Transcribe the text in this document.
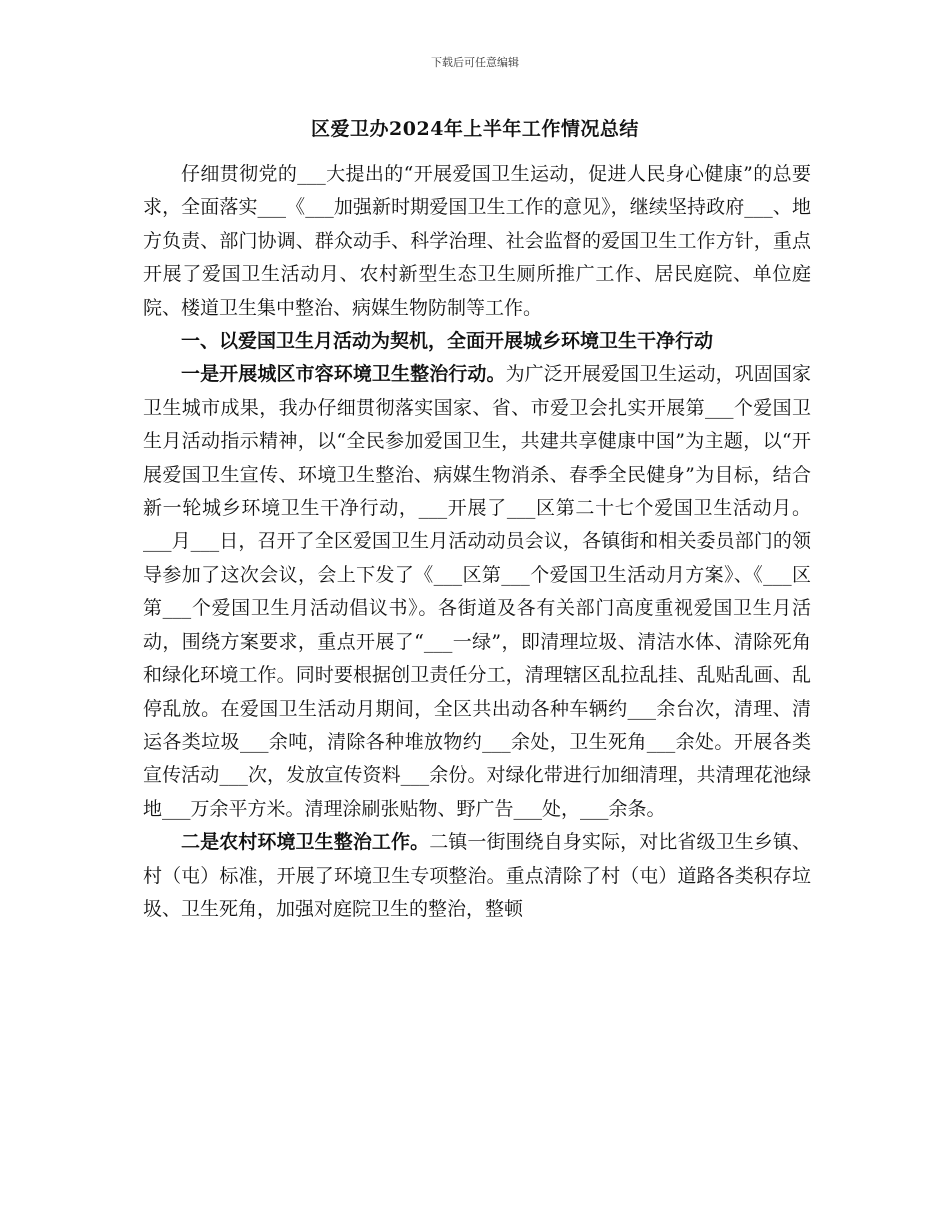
下载后可任意编辑
区爱卫办2024年上半年工作情况总结

仔细贯彻党的___大提出的“开展爱国卫生运动，促进人民身心健康”的总要求，全面落实___《___加强新时期爱国卫生工作的意见》，继续坚持政府___、地方负责、部门协调、群众动手、科学治理、社会监督的爱国卫生工作方针，重点开展了爱国卫生活动月、农村新型生态卫生厕所推广工作、居民庭院、单位庭院、楼道卫生集中整治、病媒生物防制等工作。

一、以爱国卫生月活动为契机，全面开展城乡环境卫生干净行动

一是开展城区市容环境卫生整治行动。为广泛开展爱国卫生运动，巩固国家卫生城市成果，我办仔细贯彻落实国家、省、市爱卫会扎实开展第___个爱国卫生月活动指示精神，以“全民参加爱国卫生，共建共享健康中国”为主题，以“开展爱国卫生宣传、环境卫生整治、病媒生物消杀、春季全民健身”为目标，结合新一轮城乡环境卫生干净行动，___开展了___区第二十七个爱国卫生活动月。___月___日，召开了全区爱国卫生月活动动员会议，各镇街和相关委员部门的领导参加了这次会议，会上下发了《___区第___个爱国卫生活动月方案》、《___区第___个爱国卫生月活动倡议书》。各街道及各有关部门高度重视爱国卫生月活动，围绕方案要求，重点开展了“___一绿”，即清理垃圾、清洁水体、清除死角和绿化环境工作。同时要根据创卫责任分工，清理辖区乱拉乱挂、乱贴乱画、乱停乱放。在爱国卫生活动月期间，全区共出动各种车辆约___余台次，清理、清运各类垃圾___余吨，清除各种堆放物约___余处，卫生死角___余处。开展各类宣传活动___次，发放宣传资料___余份。对绿化带进行加细清理，共清理花池绿地___万余平方米。清理涂刷张贴物、野广告___处，___余条。

二是农村环境卫生整治工作。二镇一街围绕自身实际，对比省级卫生乡镇、村（屯）标准，开展了环境卫生专项整治。重点清除了村（屯）道路各类积存垃圾、卫生死角，加强对庭院卫生的整治，整顿
